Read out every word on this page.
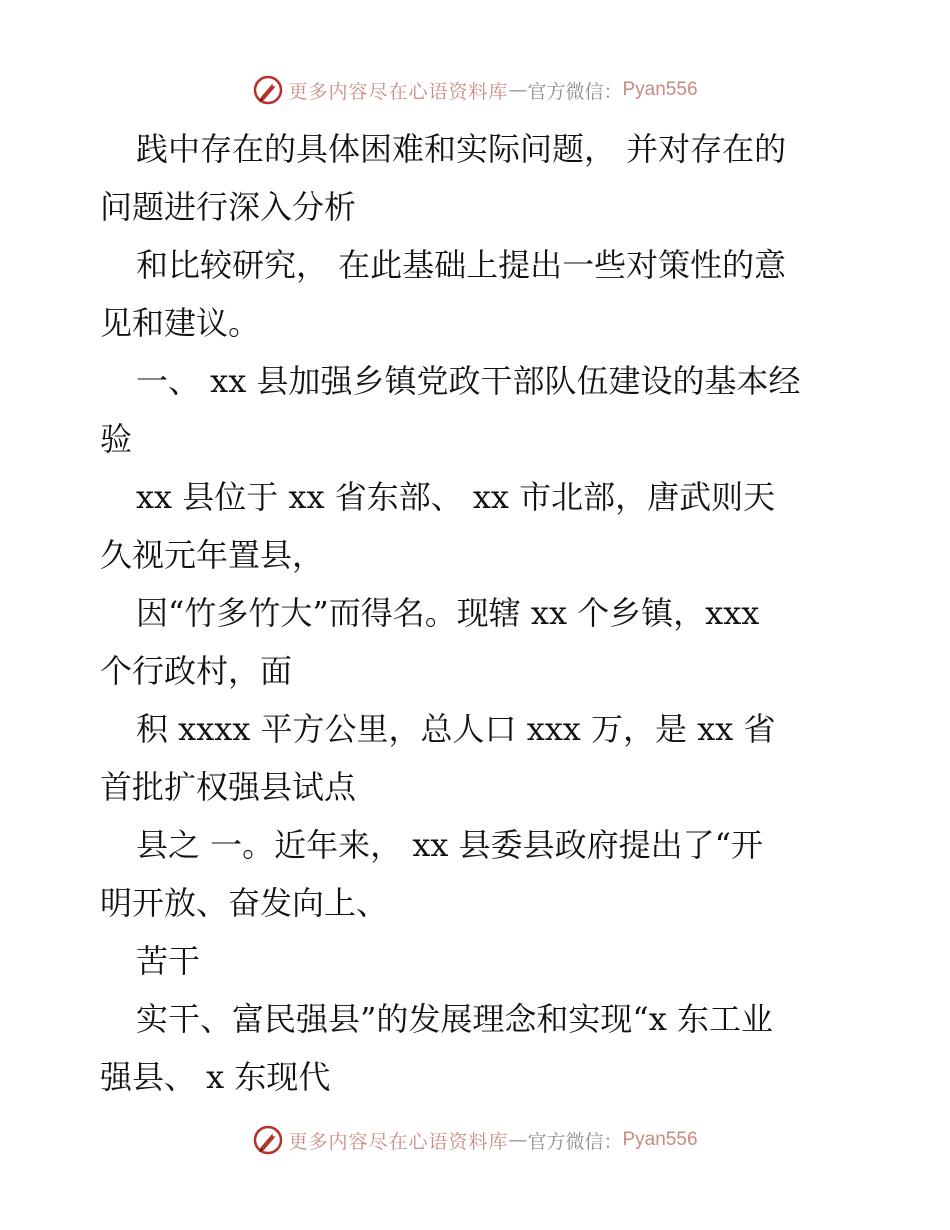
更多内容尽在心语资料库 — 官方微信： Pyan556
践中存在的具体困难和实际问题， 并对存在的
问题进行深入分析
和比较研究， 在此基础上提出一些对策性的意
见和建议。
一、 xx 县加强乡镇党政干部队伍建设的基本经
验
xx 县位于 xx 省东部、 xx 市北部，唐武则天
久视元年置县，
因“竹多竹大”而得名。现辖 xx 个乡镇，xxx
个行政村，面
积 xxxx 平方公里，总人口 xxx 万，是 xx 省
首批扩权强县试点
县之 一。近年来， xx 县委县政府提出了“开
明开放、奋发向上、
苦干
实干、富民强县”的发展理念和实现“x 东工业
强县、 x 东现代
更多内容尽在心语资料库 — 官方微信： Pyan556
